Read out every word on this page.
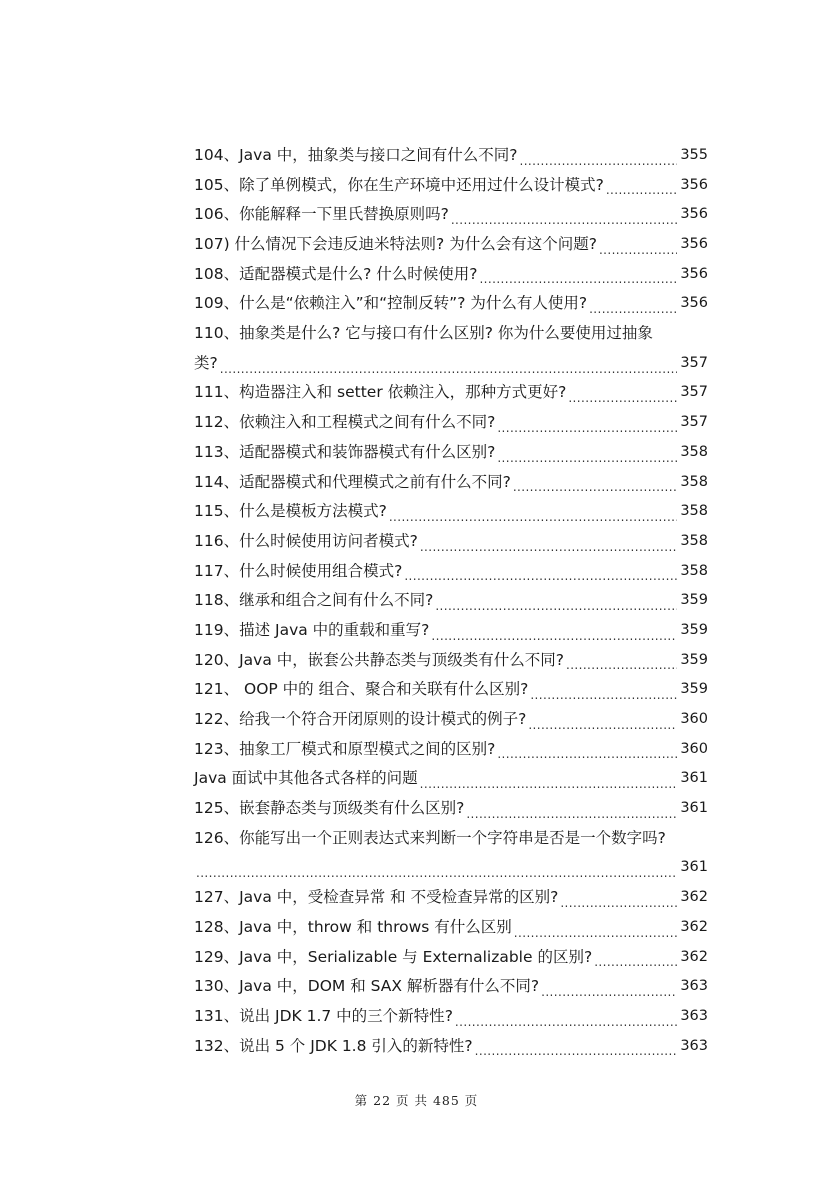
104、Java 中，抽象类与接口之间有什么不同? .....	355
105、除了单例模式，你在生产环境中还用过什么设计模式? .....	356
106、你能解释一下里氏替换原则吗? .....	356
107) 什么情况下会违反迪米特法则? 为什么会有这个问题? .....	356
108、适配器模式是什么? 什么时候使用? .....	356
109、什么是“依赖注入”和“控制反转”? 为什么有人使用? .....	356
110、抽象类是什么? 它与接口有什么区别? 你为什么要使用过抽象
类? .....	357
111、构造器注入和 setter 依赖注入，那种方式更好? .....	357
112、依赖注入和工程模式之间有什么不同? .....	357
113、适配器模式和装饰器模式有什么区别? .....	358
114、适配器模式和代理模式之前有什么不同? .....	358
115、什么是模板方法模式? .....	358
116、什么时候使用访问者模式? .....	358
117、什么时候使用组合模式? .....	358
118、继承和组合之间有什么不同? .....	359
119、描述 Java 中的重载和重写? .....	359
120、Java 中，嵌套公共静态类与顶级类有什么不同? .....	359
121、 OOP 中的 组合、聚合和关联有什么区别? .....	359
122、给我一个符合开闭原则的设计模式的例子? .....	360
123、抽象工厂模式和原型模式之间的区别? .....	360
Java 面试中其他各式各样的问题 .....	361
125、嵌套静态类与顶级类有什么区别? .....	361
126、你能写出一个正则表达式来判断一个字符串是否是一个数字吗?
.....
361
127、Java 中，受检查异常 和 不受检查异常的区别? .....	362
128、Java 中，throw 和 throws 有什么区别 .....	362
129、Java 中，Serializable 与 Externalizable 的区别? .....	362
130、Java 中，DOM 和 SAX 解析器有什么不同? .....	363
131、说出 JDK 1.7 中的三个新特性? .....	363
132、说出 5 个 JDK 1.8 引入的新特性? .....	363
第 22 页 共 485 页
